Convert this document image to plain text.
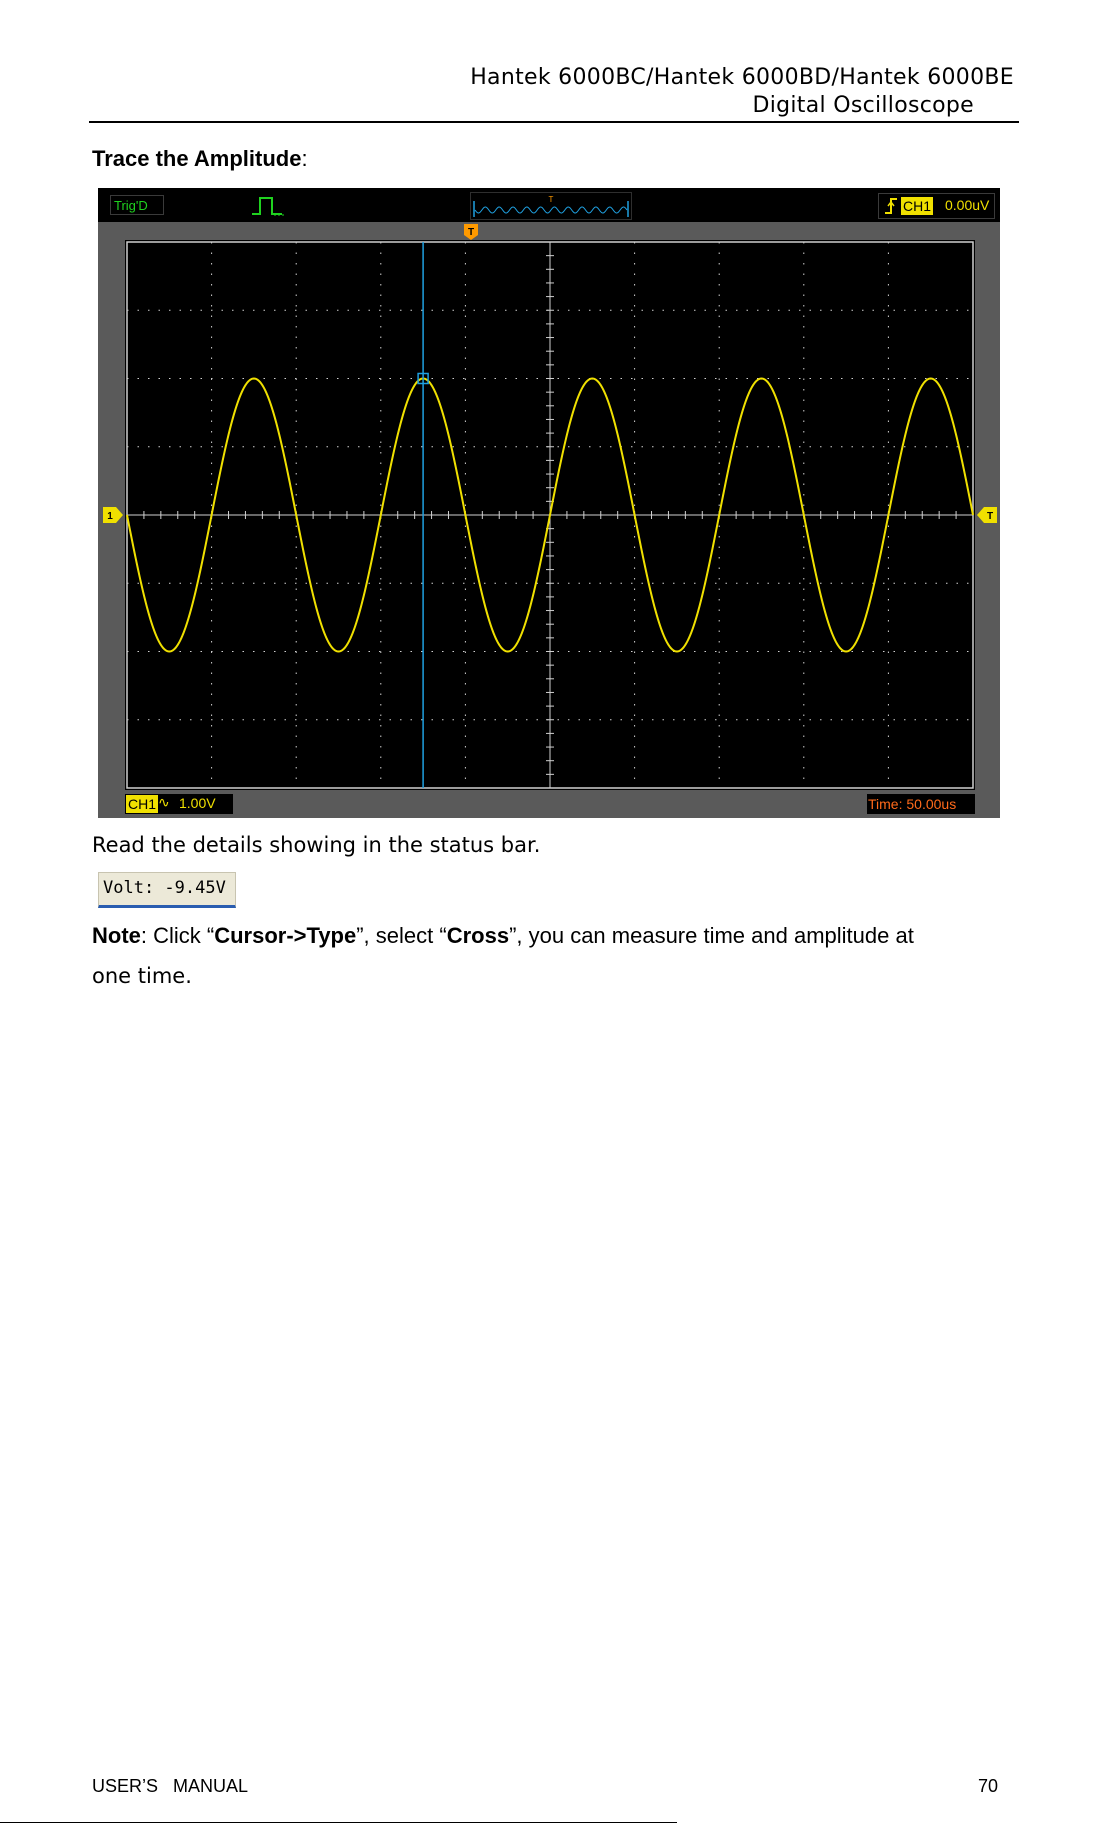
Hantek 6000BC/Hantek 6000BD/Hantek 6000BE
Digital Oscilloscope
Trace the Amplitude:
Trig'D	T	CH1 0.00uV
T
1	T
CH1 ∿ 1.00V	Time: 50.00us
Read the details showing in the status bar.
Volt: -9.45V
Note: Click “Cursor->Type”, select “Cross”, you can measure time and amplitude at
one time.
USER’S   MANUAL	70
